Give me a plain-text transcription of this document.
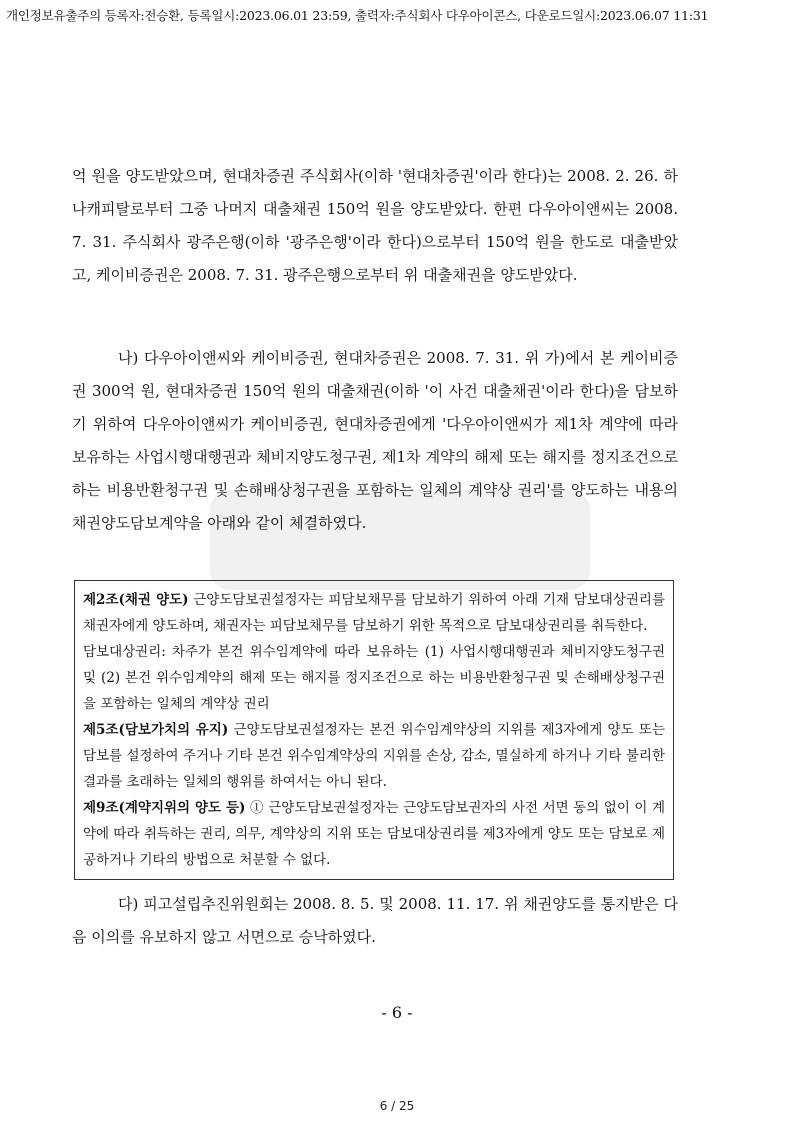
개인정보유출주의 등록자:전승환, 등록일시:2023.06.01 23:59, 출력자:주식회사 다우아이콘스, 다운로드일시:2023.06.07 11:31
억 원을 양도받았으며, 현대차증권 주식회사(이하 '현대차증권'이라 한다)는 2008. 2. 26. 하나캐피탈로부터 그중 나머지 대출채권 150억 원을 양도받았다. 한편 다우아이앤씨는 2008. 7. 31. 주식회사 광주은행(이하 '광주은행'이라 한다)으로부터 150억 원을 한도로 대출받았고, 케이비증권은 2008. 7. 31. 광주은행으로부터 위 대출채권을 양도받았다.
나) 다우아이앤씨와 케이비증권, 현대차증권은 2008. 7. 31. 위 가)에서 본 케이비증권 300억 원, 현대차증권 150억 원의 대출채권(이하 '이 사건 대출채권'이라 한다)을 담보하기 위하여 다우아이앤씨가 케이비증권, 현대차증권에게 '다우아이앤씨가 제1차 계약에 따라 보유하는 사업시행대행권과 체비지양도청구권, 제1차 계약의 해제 또는 해지를 정지조건으로 하는 비용반환청구권 및 손해배상청구권을 포함하는 일체의 계약상 권리'를 양도하는 내용의 채권양도담보계약을 아래와 같이 체결하였다.

제2조(채권 양도) 근양도담보권설정자는 피담보채무를 담보하기 위하여 아래 기재 담보대상권리를 채권자에게 양도하며, 채권자는 피담보채무를 담보하기 위한 목적으로 담보대상권리를 취득한다.

담보대상권리: 차주가 본건 위수임계약에 따라 보유하는 (1) 사업시행대행권과 체비지양도청구권 및 (2) 본건 위수임계약의 해제 또는 해지를 정지조건으로 하는 비용반환청구권 및 손해배상청구권을 포함하는 일체의 계약상 권리

제5조(담보가치의 유지) 근양도담보권설정자는 본건 위수임계약상의 지위를 제3자에게 양도 또는 담보를 설정하여 주거나 기타 본건 위수임계약상의 지위를 손상, 감소, 멸실하게 하거나 기타 불리한 결과를 초래하는 일체의 행위를 하여서는 아니 된다.

제9조(계약지위의 양도 등) ① 근양도담보권설정자는 근양도담보권자의 사전 서면 동의 없이 이 계약에 따라 취득하는 권리, 의무, 계약상의 지위 또는 담보대상권리를 제3자에게 양도 또는 담보로 제공하거나 기타의 방법으로 처분할 수 없다.

다) 피고설립추진위원회는 2008. 8. 5. 및 2008. 11. 17. 위 채권양도를 통지받은 다음 이의를 유보하지 않고 서면으로 승낙하였다.
- 6 -
6 / 25
